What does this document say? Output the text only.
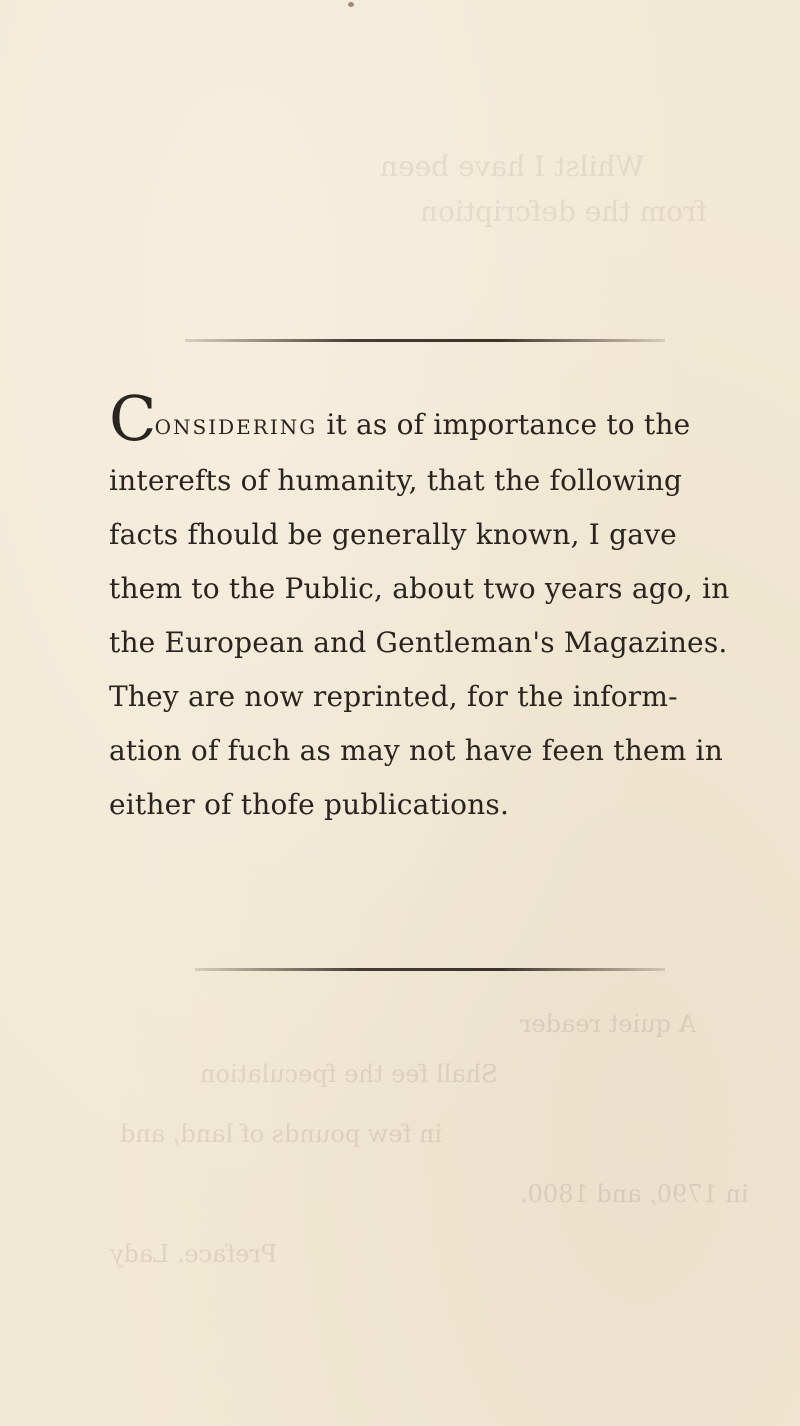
Whilst I have been
from the defcription
A quiet reader
Shall fee the fpeculation
in few pounds of land, and
in 1790, and 1800.
Preface. Lady
CONSIDERING it as of importance to the
interefts of humanity, that the following
facts fhould be generally known, I gave
them to the Public, about two years ago, in
the European and Gentleman's Magazines.
They are now reprinted, for the inform-
ation of fuch as may not have feen them in
either of thofe publications.
